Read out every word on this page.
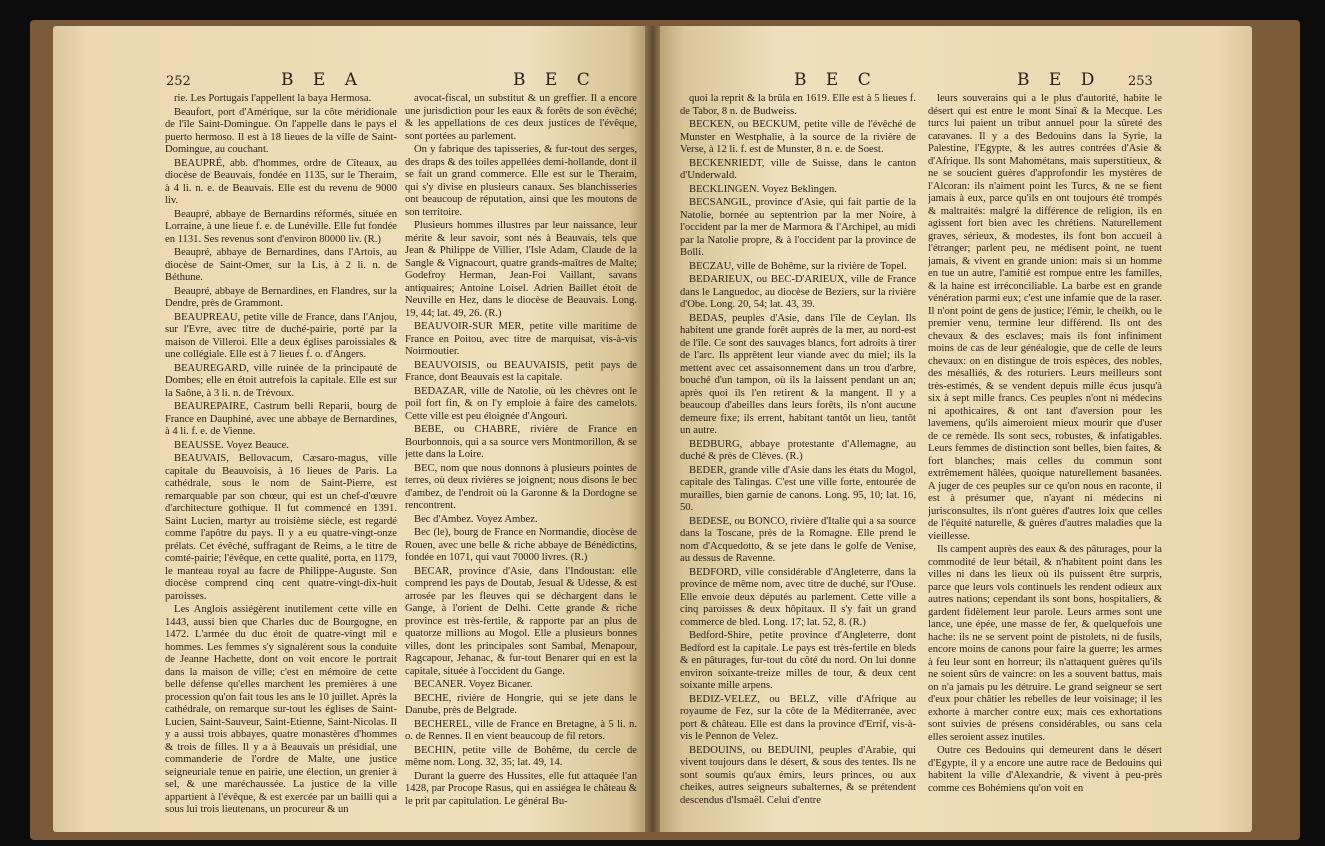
252	B E A	B E C

rie. Les Portugais l'appellent la baya Hermosa.

Beaufort, port d'Amérique, sur la côte méridionale de l'île Saint-Domingue. On l'appelle dans le pays el puerto hermoso. Il est à 18 lieues de la ville de Saint-Domingue, au couchant.

BEAUPRÉ, abb. d'hommes, ordre de Cîteaux, au diocèse de Beauvais, fondée en 1135, sur le Theraim, à 4 li. n. e. de Beauvais. Elle est du revenu de 9000 liv.

Beaupré, abbaye de Bernardins réformés, située en Lorraine, à une lieue f. e. de Lunéville. Elle fut fondée en 1131. Ses revenus sont d'environ 80000 liv. (R.)

Beaupré, abbaye de Bernardines, dans l'Artois, au diocèse de Saint-Omer, sur la Lis, à 2 li. n. de Béthune.

Beaupré, abbaye de Bernardines, en Flandres, sur la Dendre, près de Grammont.

BEAUPREAU, petite ville de France, dans l'Anjou, sur l'Evre, avec titre de duché-pairie, porté par la maison de Villeroi. Elle a deux églises paroissiales & une collégiale. Elle est à 7 lieues f. o. d'Angers.

BEAUREGARD, ville ruinée de la principauté de Dombes; elle en étoit autrefois la capitale. Elle est sur la Saône, à 3 li. n. de Trévoux.

BEAUREPAIRE, Castrum belli Reparii, bourg de France en Dauphiné, avec une abbaye de Bernardines, à 4 li. f. e. de Vienne.

BEAUSSE. Voyez Beauce.

BEAUVAIS, Bellovacum, Cæsaro-magus, ville capitale du Beauvoisis, à 16 lieues de Paris. La cathédrale, sous le nom de Saint-Pierre, est remarquable par son chœur, qui est un chef-d'œuvre d'architecture gothique. Il fut commencé en 1391. Saint Lucien, martyr au troisième siècle, est regardé comme l'apôtre du pays. Il y a eu quatre-vingt-onze prélats. Cet évêché, suffragant de Reims, a le titre de comté-pairie; l'évêque, en cette qualité, porta, en 1179, le manteau royal au facre de Philippe-Auguste. Son diocèse comprend cinq cent quatre-vingt-dix-huit paroisses.

Les Anglois assiégèrent inutilement cette ville en 1443, aussi bien que Charles duc de Bourgogne, en 1472. L'armée du duc étoit de quatre-vingt mil e hommes. Les femmes s'y signalèrent sous la conduite de Jeanne Hachette, dont on voit encore le portrait dans la maison de ville; c'est en mémoire de cette belle défense qu'elles marchent les premières à une procession qu'on fait tous les ans le 10 juillet. Après la cathédrale, on remarque sur-tout les églises de Saint-Lucien, Saint-Sauveur, Saint-Etienne, Saint-Nicolas. Il y a aussi trois abbayes, quatre monastères d'hommes & trois de filles. Il y a à Beauvais un présidial, une commanderie de l'ordre de Malte, une justice seigneuriale tenue en pairie, une élection, un grenier à sel, & une maréchaussée. La justice de la ville appartient à l'évêque, & est exercée par un bailli qui a sous lui trois lieutenans, un procureur & un

avocat-fiscal, un substitut & un greffier. Il a encore une jurisdiction pour les eaux & forêts de son évêché; & les appellations de ces deux justices de l'évêque, sont portées au parlement.

On y fabrique des tapisseries, & fur-tout des serges, des draps & des toiles appellées demi-hollande, dont il se fait un grand commerce. Elle est sur le Theraim, qui s'y divise en plusieurs canaux. Ses blanchisseries ont beaucoup de réputation, ainsi que les moutons de son territoire.

Plusieurs hommes illustres par leur naissance, leur mérite & leur savoir, sont nés à Beauvais, tels que Jean & Philippe de Villier, l'Isle Adam, Claude de la Sangle & Vignacourt, quatre grands-maîtres de Malte; Godefroy Herman, Jean-Foi Vaillant, savans antiquaires; Antoine Loisel. Adrien Baillet étoit de Neuville en Hez, dans le diocèse de Beauvais. Long. 19, 44; lat. 49, 26. (R.)

BEAUVOIR-SUR MER, petite ville maritime de France en Poitou, avec titre de marquisat, vis-à-vis Noirmoutier.

BEAUVOISIS, ou BEAUVAISIS, petit pays de France, dont Beauvais est la capitale.

BEDAZAR, ville de Natolie, où les chèvres ont le poil fort fin, & on l'y emploie à faire des camelots. Cette ville est peu éloignée d'Angouri.

BEBE, ou CHABRE, rivière de France en Bourbonnois, qui a sa source vers Montmorillon, & se jette dans la Loire.

BEC, nom que nous donnons à plusieurs pointes de terres, où deux rivières se joignent; nous disons le bec d'ambez, de l'endroit où la Garonne & la Dordogne se rencontrent.

Bec d'Ambez. Voyez Ambez.

Bec (le), bourg de France en Normandie, diocèse de Rouen, avec une belle & riche abbaye de Bénédictins, fondée en 1071, qui vaut 70000 livres. (R.)

BECAR, province d'Asie, dans l'Indoustan: elle comprend les pays de Doutab, Jesual & Udesse, & est arrosée par les fleuves qui se déchargent dans le Gange, à l'orient de Delhi. Cette grande & riche province est très-fertile, & rapporte par an plus de quatorze millions au Mogol. Elle a plusieurs bonnes villes, dont les principales sont Sambal, Menapour, Ragcapour, Jehanac, & fur-tout Benarer qui en est la capitale, située à l'occident du Gange.

BECANER. Voyez Bicaner.

BECHE, rivière de Hongrie, qui se jete dans le Danube, près de Belgrade.

BECHEREL, ville de France en Bretagne, à 5 li. n. o. de Rennes. Il en vient beaucoup de fil retors.

BECHIN, petite ville de Bohême, du cercle de même nom. Long. 32, 35; lat. 49, 14.

Durant la guerre des Hussites, elle fut attaquée l'an 1428, par Procope Rasus, qui en assiégea le château & le prit par capitulation. Le général Bu-

B E C	B E D 253

quoi la reprit & la brûla en 1619. Elle est à 5 lieues f. de Tabor, 8 n. de Budweiss.

BECKEN, ou BECKUM, petite ville de l'évêché de Munster en Westphalie, à la source de la rivière de Verse, à 12 li. f. est de Munster, 8 n. e. de Soest.

BECKENRIEDT, ville de Suisse, dans le canton d'Underwald.

BECKLINGEN. Voyez Beklingen.

BECSANGIL, province d'Asie, qui fait partie de la Natolie, bornée au septentrion par la mer Noire, à l'occident par la mer de Marmora & l'Archipel, au midi par la Natolie propre, & à l'occident par la province de Bolli.

BECZAU, ville de Bohême, sur la rivière de Topel.

BEDARIEUX, ou BEC-D'ARIEUX, ville de France dans le Languedoc, au diocèse de Beziers, sur la rivière d'Obe. Long. 20, 54; lat. 43, 39.

BEDAS, peuples d'Asie, dans l'île de Ceylan. Ils habitent une grande forêt auprès de la mer, au nord-est de l'île. Ce sont des sauvages blancs, fort adroits à tirer de l'arc. Ils apprêtent leur viande avec du miel; ils la mettent avec cet assaisonnement dans un trou d'arbre, bouché d'un tampon, où ils la laissent pendant un an; après quoi ils l'en retirent & la mangent. Il y a beaucoup d'abeilles dans leurs forêts, ils n'ont aucune demeure fixe; ils errent, habitant tantôt un lieu, tantôt un autre.

BEDBURG, abbaye protestante d'Allemagne, au duché & près de Clèves. (R.)

BEDER, grande ville d'Asie dans les états du Mogol, capitale des Talingas. C'est une ville forte, entourée de murailles, bien garnie de canons. Long. 95, 10; lat. 16, 50.

BEDESE, ou BONCO, rivière d'Italie qui a sa source dans la Toscane, près de la Romagne. Elle prend le nom d'Acquedotto, & se jete dans le golfe de Venise, au dessus de Ravenne.

BEDFORD, ville considérable d'Angleterre, dans la province de même nom, avec titre de duché, sur l'Ouse. Elle envoie deux députés au parlement. Cette ville a cinq paroisses & deux hôpitaux. Il s'y fait un grand commerce de bled. Long. 17; lat. 52, 8. (R.)

Bedford-Shire, petite province d'Angleterre, dont Bedford est la capitale. Le pays est très-fertile en bleds & en pâturages, fur-tout du côté du nord. On lui donne environ soixante-treize milles de tour, & deux cent soixante mille arpens.

BEDIZ-VELEZ, ou BELZ, ville d'Afrique au royaume de Fez, sur la côte de la Méditerranée, avec port & château. Elle est dans la province d'Errif, vis-à-vis le Pennon de Velez.

BEDOUINS, ou BEDUINI, peuples d'Arabie, qui vivent toujours dans le désert, & sous des tentes. Ils ne sont soumis qu'aux émirs, leurs princes, ou aux cheikes, autres seigneurs subalternes, & se prétendent descendus d'Ismaël. Celui d'entre

leurs souverains qui a le plus d'autorité, habite le désert qui est entre le mont Sinaï & la Mecque. Les turcs lui paient un tribut annuel pour la sûreté des caravanes. Il y a des Bedouins dans la Syrie, la Palestine, l'Egypte, & les autres contrées d'Asie & d'Afrique. Ils sont Mahométans, mais superstitieux, & ne se soucient guères d'approfondir les mystères de l'Alcoran: ils n'aiment point les Turcs, & ne se fient jamais à eux, parce qu'ils en ont toujours été trompés & maltraités: malgré la différence de religion, ils en agissent fort bien avec les chrétiens. Naturellement graves, sérieux, & modestes, ils font bon accueil à l'étranger; parlent peu, ne médisent point, ne tuent jamais, & vivent en grande union: mais si un homme en tue un autre, l'amitié est rompue entre les familles, & la haine est irréconciliable. La barbe est en grande vénération parmi eux; c'est une infamie que de la raser. Il n'ont point de gens de justice; l'émir, le cheikh, ou le premier venu, termine leur différend. Ils ont des chevaux & des esclaves; mais ils font infiniment moins de cas de leur généalogie, que de celle de leurs chevaux: on en distingue de trois espèces, des nobles, des mésalliés, & des roturiers. Leurs meilleurs sont très-estimés, & se vendent depuis mille écus jusqu'à six à sept mille francs. Ces peuples n'ont ni médecins ni apothicaires, & ont tant d'aversion pour les lavemens, qu'ils aimeroient mieux mourir que d'user de ce remède. Ils sont secs, robustes, & infatigables. Leurs femmes de distinction sont belles, bien faites, & fort blanches; mais celles du commun sont extrêmement hâlées, quoique naturellement basanées. A juger de ces peuples sur ce qu'on nous en raconte, il est à présumer que, n'ayant ni médecins ni jurisconsultes, ils n'ont guères d'autres loix que celles de l'équité naturelle, & guères d'autres maladies que la vieillesse.

Ils campent auprès des eaux & des pâturages, pour la commodité de leur bétail, & n'habitent point dans les villes ni dans les lieux où ils puissent être surpris, parce que leurs vols continuels les rendent odieux aux autres nations; cependant ils sont bons, hospitaliers, & gardent fidèlement leur parole. Leurs armes sont une lance, une épée, une masse de fer, & quelquefois une hache: ils ne se servent point de pistolets, ni de fusils, encore moins de canons pour faire la guerre; les armes à feu leur sont en horreur; ils n'attaquent guères qu'ils ne soient sûrs de vaincre: on les a souvent battus, mais on n'a jamais pu les détruire. Le grand seigneur se sert d'eux pour châtier les rebelles de leur voisinage; il les exhorte à marcher contre eux; mais ces exhortations sont suivies de présens considérables, ou sans cela elles seroient assez inutiles.

Outre ces Bedouins qui demeurent dans le désert d'Egypte, il y a encore une autre race de Bedouins qui habitent la ville d'Alexandrie, & vivent à peu-près comme ces Bohémiens qu'on voit en
